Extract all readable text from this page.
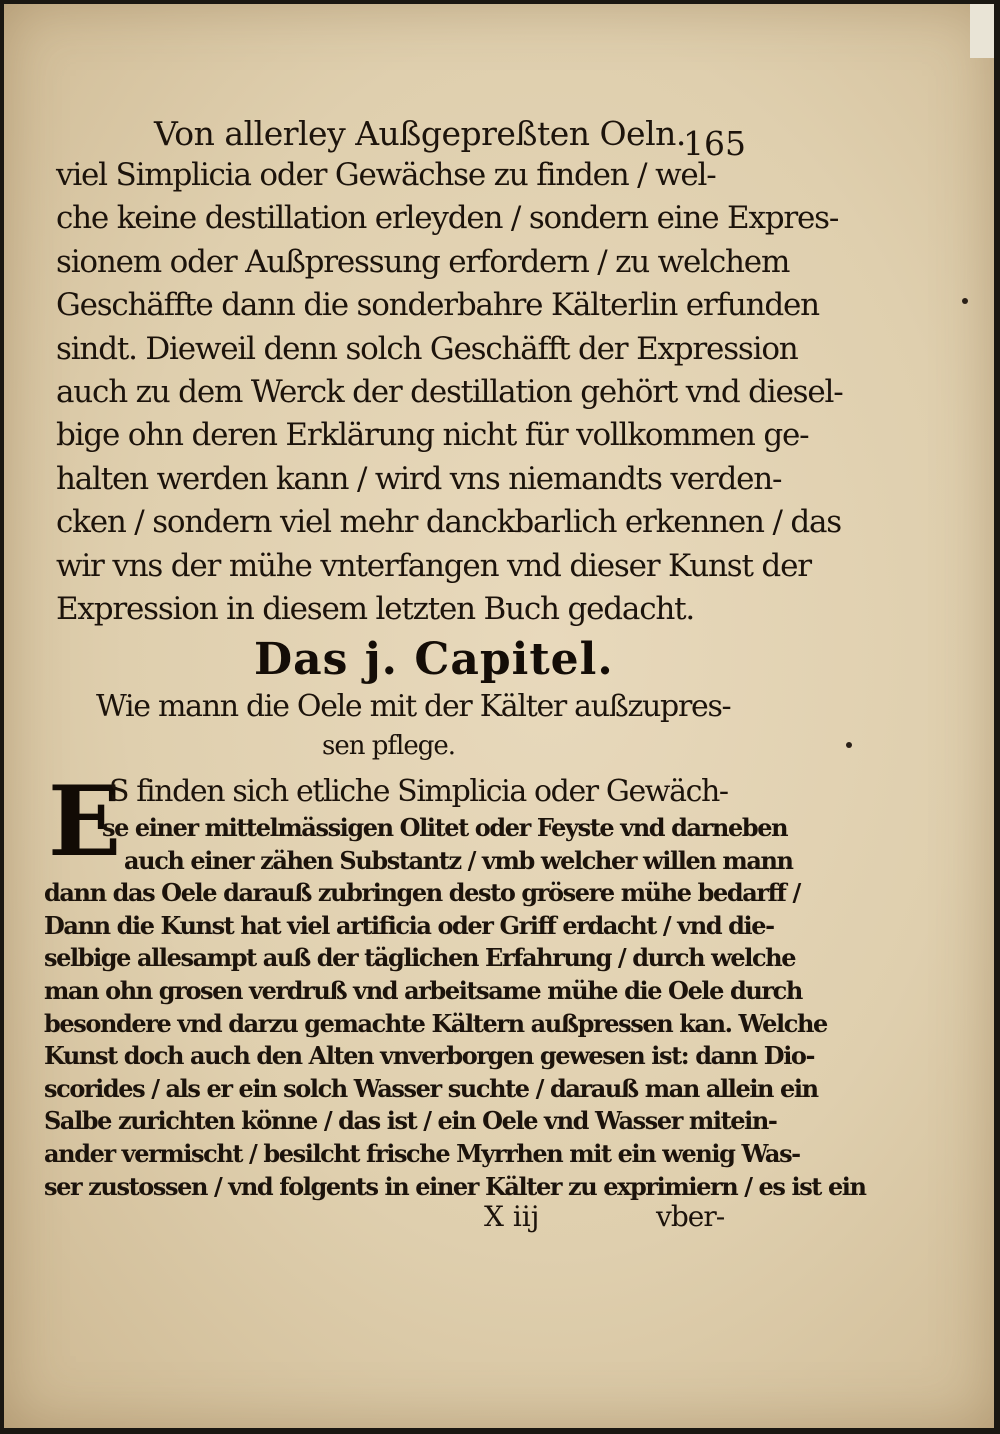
Von allerley Außgepreßten Oeln.
165
viel Simplicia oder Gewächse zu finden / wel-
che keine destillation erleyden / sondern eine Expres-
sionem oder Außpressung erfordern / zu welchem
Geschäffte dann die sonderbahre Kälterlin erfunden
sindt. Dieweil denn solch Geschäfft der Expression
auch zu dem Werck der destillation gehört vnd diesel-
bige ohn deren Erklärung nicht für vollkommen ge-
halten werden kann / wird vns niemandts verden-
cken / sondern viel mehr danckbarlich erkennen / das
wir vns der mühe vnterfangen vnd dieser Kunst der
Expression in diesem letzten Buch gedacht.
Das j. Capitel.
Wie mann die Oele mit der Kälter außzupres-
sen pflege.
E
S finden sich etliche Simplicia oder Gewäch-
se einer mittelmässigen Olitet oder Feyste vnd darneben
auch einer zähen Substantz / vmb welcher willen mann
dann das Oele darauß zubringen desto grösere mühe bedarff /
Dann die Kunst hat viel artificia oder Griff erdacht / vnd die-
selbige allesampt auß der täglichen Erfahrung / durch welche
man ohn grosen verdruß vnd arbeitsame mühe die Oele durch
besondere vnd darzu gemachte Kältern außpressen kan. Welche
Kunst doch auch den Alten vnverborgen gewesen ist: dann Dio-
scorides / als er ein solch Wasser suchte / darauß man allein ein
Salbe zurichten könne / das ist / ein Oele vnd Wasser mitein-
ander vermischt / besilcht frische Myrrhen mit ein wenig Was-
ser zustossen / vnd folgents in einer Kälter zu exprimiern / es ist ein
X iij	vber-
